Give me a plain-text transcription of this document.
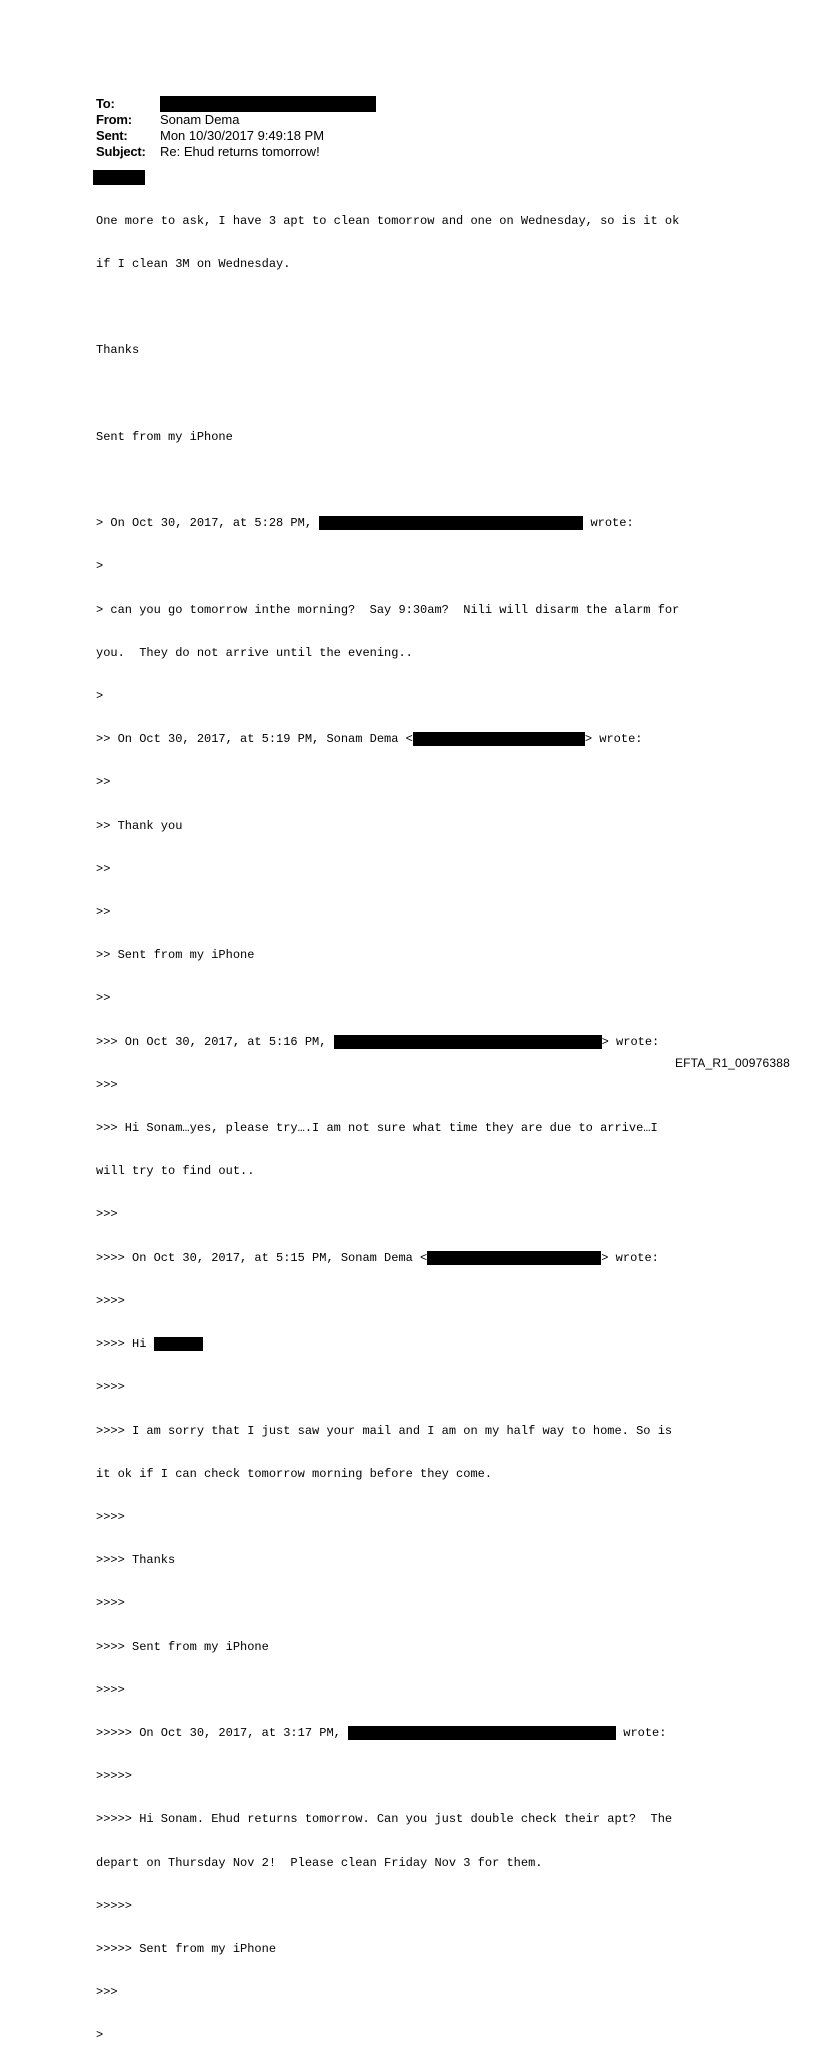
To:
From:	Sonam Dema
Sent:	Mon 10/30/2017 9:49:18 PM
Subject:	Re: Ehud returns tomorrow!

One more to ask, I have 3 apt to clean tomorrow and one on Wednesday, so is it ok

if I clean 3M on Wednesday.

Thanks

Sent from my iPhone

> On Oct 30, 2017, at 5:28 PM,	wrote:

>

> can you go tomorrow inthe morning?  Say 9:30am?  Nili will disarm the alarm for

you.  They do not arrive until the evening..

>

>> On Oct 30, 2017, at 5:19 PM, Sonam Dema <	> wrote:

>>

>> Thank you

>>

>>

>> Sent from my iPhone

>>

>>> On Oct 30, 2017, at 5:16 PM,	> wrote:

>>>

>>> Hi Sonam…yes, please try….I am not sure what time they are due to arrive…I

will try to find out..

>>>

>>>> On Oct 30, 2017, at 5:15 PM, Sonam Dema <	> wrote:

>>>>

>>>> Hi

>>>>

>>>> I am sorry that I just saw your mail and I am on my half way to home. So is

it ok if I can check tomorrow morning before they come.

>>>>

>>>> Thanks

>>>>

>>>> Sent from my iPhone

>>>>

>>>>> On Oct 30, 2017, at 3:17 PM,	wrote:

>>>>>

>>>>> Hi Sonam. Ehud returns tomorrow. Can you just double check their apt?  The

depart on Thursday Nov 2!  Please clean Friday Nov 3 for them.

>>>>>

>>>>> Sent from my iPhone

>>>

>

EFTA_R1_00976388
